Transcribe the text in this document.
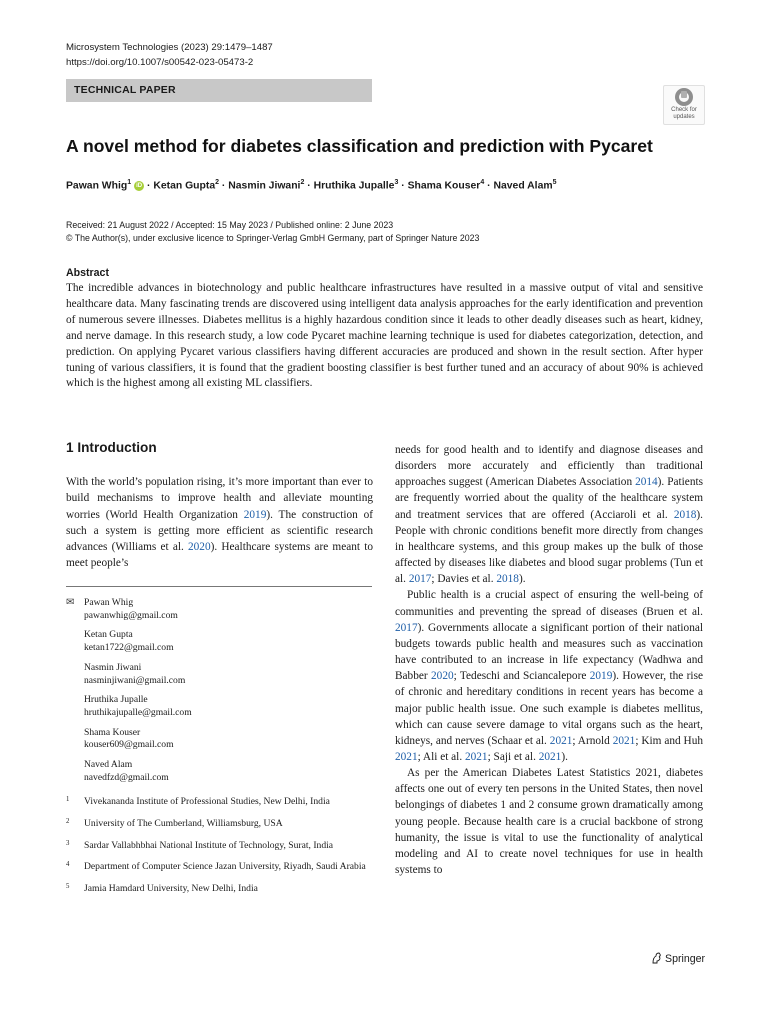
Microsystem Technologies (2023) 29:1479–1487
https://doi.org/10.1007/s00542-023-05473-2
TECHNICAL PAPER
Check for
updates
A novel method for diabetes classification and prediction with Pycaret
Pawan Whig$^1$ iD · Ketan Gupta$^2$ · Nasmin Jiwani$^2$ · Hruthika Jupalle$^3$ · Shama Kouser$^4$ · Naved Alam$^5$
Received: 21 August 2022 / Accepted: 15 May 2023 / Published online: 2 June 2023
© The Author(s), under exclusive licence to Springer-Verlag GmbH Germany, part of Springer Nature 2023
Abstract
The incredible advances in biotechnology and public healthcare infrastructures have resulted in a massive output of vital and sensitive healthcare data. Many fascinating trends are discovered using intelligent data analysis approaches for the early identification and prevention of numerous severe illnesses. Diabetes mellitus is a highly hazardous condition since it leads to other deadly diseases such as heart, kidney, and nerve damage. In this research study, a low code Pycaret machine learning technique is used for diabetes categorization, detection, and prediction. On applying Pycaret various classifiers having different accuracies are produced and shown in the result section. After hyper tuning of various classifiers, it is found that the gradient boosting classifier is best further tuned and an accuracy of about 90% is achieved which is the highest among all existing ML classifiers.
1 Introduction

With the world’s population rising, it’s more important than ever to build mechanisms to improve health and alleviate mounting worries (World Health Organization 2019). The construction of such a system is getting more efficient as scientific research advances (Williams et al. 2020). Healthcare systems are meant to meet people’s

✉ Pawan Whig
pawanwhig@gmail.com
Ketan Gupta
ketan1722@gmail.com
Nasmin Jiwani
nasminjiwani@gmail.com
Hruthika Jupalle
hruthikajupalle@gmail.com
Shama Kouser
kouser609@gmail.com
Naved Alam
navedfzd@gmail.com
1 Vivekananda Institute of Professional Studies, New Delhi, India
2 University of The Cumberland, Williamsburg, USA
3 Sardar Vallabhbhai National Institute of Technology, Surat, India
4 Department of Computer Science Jazan University, Riyadh, Saudi Arabia
5 Jamia Hamdard University, New Delhi, India

needs for good health and to identify and diagnose diseases and disorders more accurately and efficiently than traditional approaches suggest (American Diabetes Association 2014). Patients are frequently worried about the quality of the healthcare system and treatment services that are offered (Acciaroli et al. 2018). People with chronic conditions benefit more directly from changes in healthcare systems, and this group makes up the bulk of those affected by diseases like diabetes and blood sugar problems (Tun et al. 2017; Davies et al. 2018).

Public health is a crucial aspect of ensuring the well-being of communities and preventing the spread of diseases (Bruen et al. 2017). Governments allocate a significant portion of their national budgets towards public health and measures such as vaccination have contributed to an increase in life expectancy (Wadhwa and Babber 2020; Tedeschi and Sciancalepore 2019). However, the rise of chronic and hereditary conditions in recent years has become a major public health issue. One such example is diabetes mellitus, which can cause severe damage to vital organs such as the heart, kidneys, and nerves (Schaar et al. 2021; Arnold 2021; Kim and Huh 2021; Ali et al. 2021; Saji et al. 2021).

As per the American Diabetes Latest Statistics 2021, diabetes affects one out of every ten persons in the United States, then novel belongings of diabetes 1 and 2 consume grown dramatically among young people. Because health care is a crucial backbone of strong humanity, the issue is vital to use the functionality of analytical modeling and AI to create novel techniques for use in health systems to

Springer
